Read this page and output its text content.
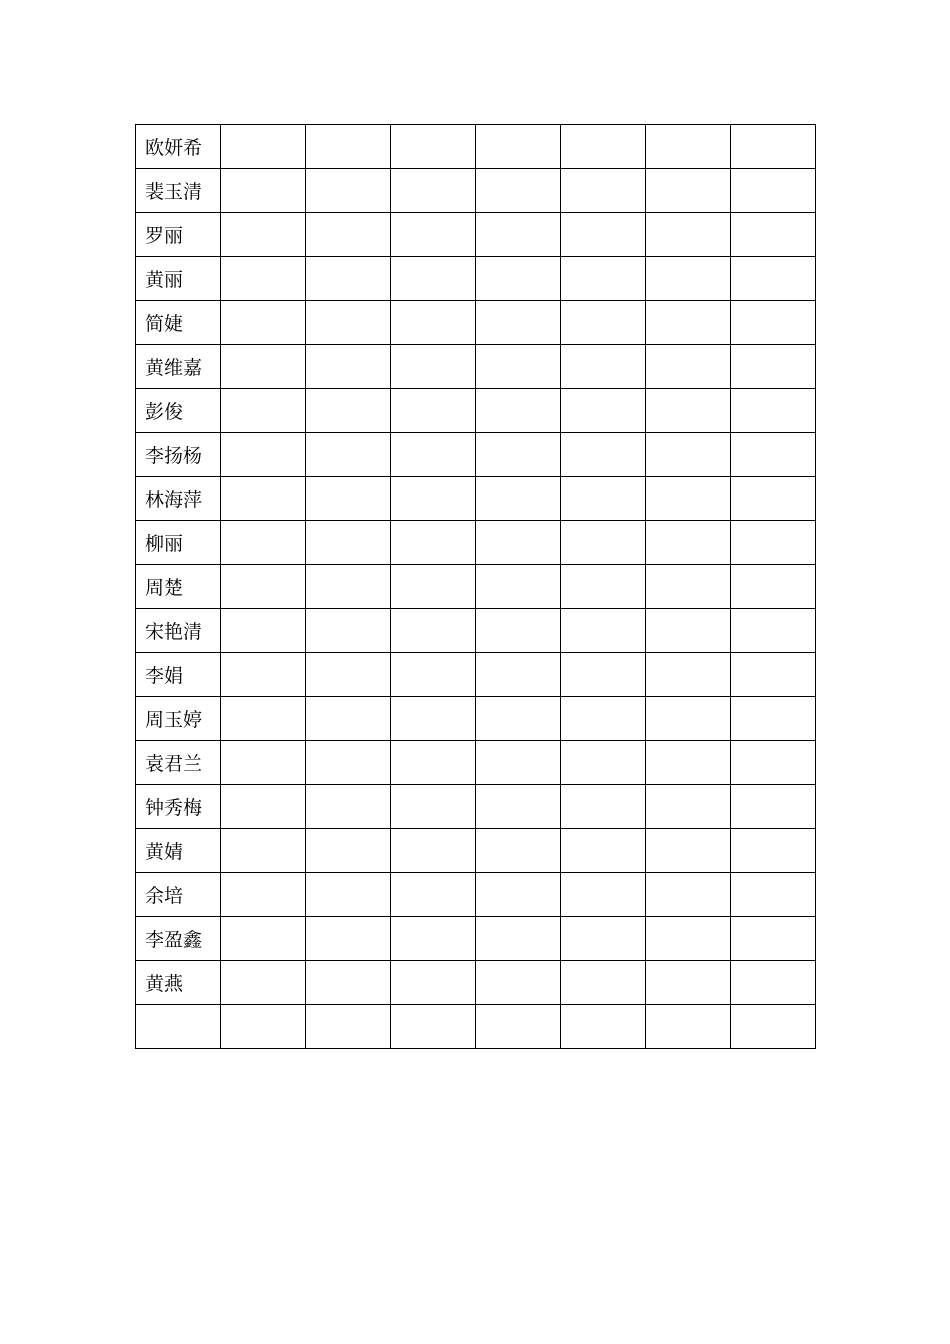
欧妍希							
裴玉清							
罗丽							
黄丽							
简婕							
黄维嘉							
彭俊							
李扬杨							
林海萍							
柳丽							
周楚							
宋艳清							
李娟							
周玉婷							
袁君兰							
钟秀梅							
黄婧							
余培							
李盈鑫							
黄燕							
